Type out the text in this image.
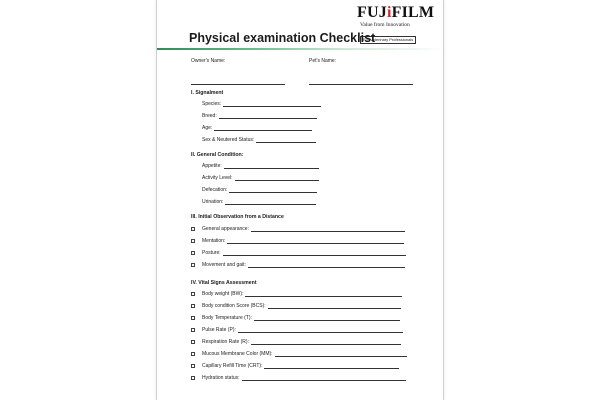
FUJ i FILM
Value from Innovation
For Veterinary Professionals
Physical examination Checklist
Owner's Name:	Pet's Name:
I. Signalment
Species:
Breed:
Age:
Sex & Neutered Status:
II. General Condition:
Appetite:
Activity Level:
Defecation:
Urination:
III. Initial Observation from a Distance
General appearance:
Mentation:
Posture:
Movement and gait:
IV. Vital Signs Assessment
Body weight (BW):
Body condition Score (BCS):
Body Temperature (T):
Pulse Rate (P):
Respiration Rate (R):
Mucous Membrane Color (MM):
Capillary Refill Time (CRT):
Hydration status:
